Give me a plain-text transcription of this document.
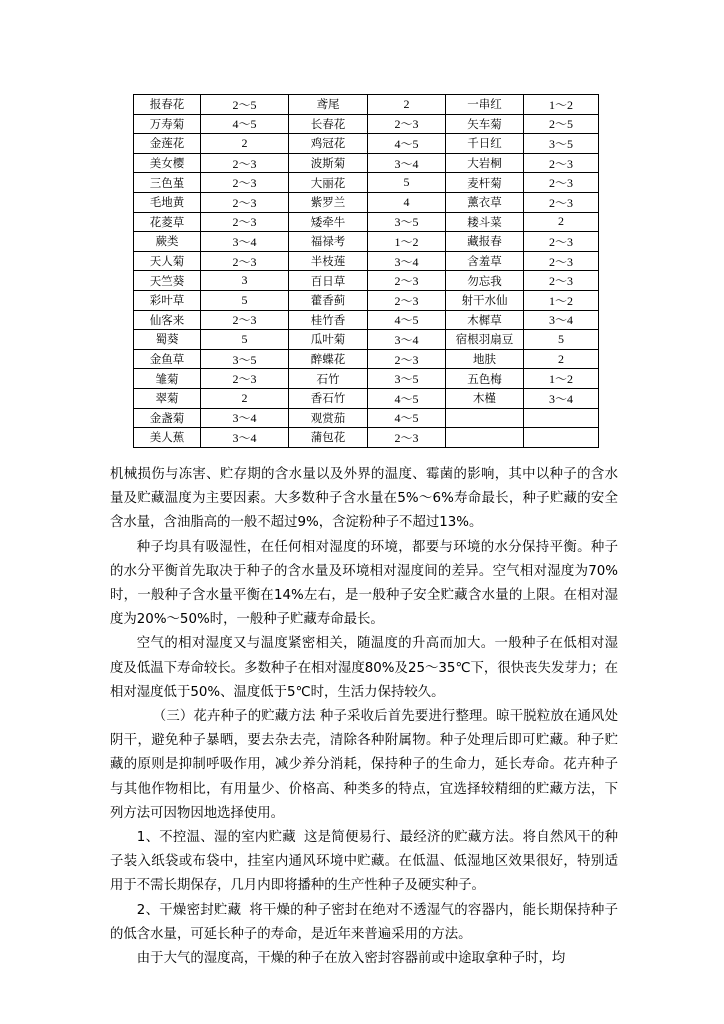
报春花	2～5	鸢尾	2	一串红	1～2
万寿菊	4～5	长春花	2～3	矢车菊	2～5
金莲花	2	鸡冠花	4～5	千日红	3～5
美女樱	2～3	波斯菊	3～4	大岩桐	2～3
三色堇	2～3	大丽花	5	麦杆菊	2～3
毛地黄	2～3	紫罗兰	4	薰衣草	2～3
花菱草	2～3	矮牵牛	3～5	耧斗菜	2
蕨类	3～4	福禄考	1～2	藏报春	2～3
天人菊	2～3	半枝莲	3～4	含羞草	2～3
天竺葵	3	百日草	2～3	勿忘我	2～3
彩叶草	5	藿香蓟	2～3	射干水仙	1～2
仙客来	2～3	桂竹香	4～5	木樨草	3～4
蜀葵	5	瓜叶菊	3～4	宿根羽扇豆	5
金鱼草	3～5	醉蝶花	2～3	地肤	2
雏菊	2～3	石竹	3～5	五色梅	1～2
翠菊	2	香石竹	4～5	木槿	3～4
金盏菊	3～4	观赏茄	4～5		
美人蕉	3～4	蒲包花	2～3		

机械损伤与冻害、贮存期的含水量以及外界的温度、霉菌的影响，其中以种子的含水量及贮藏温度为主要因素。大多数种子含水量在5%～6%寿命最长，种子贮藏的安全含水量，含油脂高的一般不超过9%，含淀粉种子不超过13%。

种子均具有吸湿性，在任何相对湿度的环境，都要与环境的水分保持平衡。种子的水分平衡首先取决于种子的含水量及环境相对湿度间的差异。空气相对湿度为70%时，一般种子含水量平衡在14%左右，是一般种子安全贮藏含水量的上限。在相对湿度为20%～50%时，一般种子贮藏寿命最长。

空气的相对湿度又与温度紧密相关，随温度的升高而加大。一般种子在低相对湿度及低温下寿命较长。多数种子在相对湿度80%及25～35℃下，很快丧失发芽力；在相对湿度低于50%、温度低于5℃时，生活力保持较久。

（三）花卉种子的贮藏方法 种子采收后首先要进行整理。晾干脱粒放在通风处阴干，避免种子暴晒，要去杂去壳，清除各种附属物。种子处理后即可贮藏。种子贮藏的原则是抑制呼吸作用，减少养分消耗，保持种子的生命力，延长寿命。花卉种子与其他作物相比，有用量少、价格高、种类多的特点，宜选择较精细的贮藏方法，下列方法可因物因地选择使用。

1、不控温、湿的室内贮藏 这是简便易行、最经济的贮藏方法。将自然风干的种子装入纸袋或布袋中，挂室内通风环境中贮藏。在低温、低湿地区效果很好，特别适用于不需长期保存，几月内即将播种的生产性种子及硬实种子。

2、干燥密封贮藏 将干燥的种子密封在绝对不透湿气的容器内，能长期保持种子的低含水量，可延长种子的寿命，是近年来普遍采用的方法。

由于大气的湿度高，干燥的种子在放入密封容器前或中途取拿种子时，均
